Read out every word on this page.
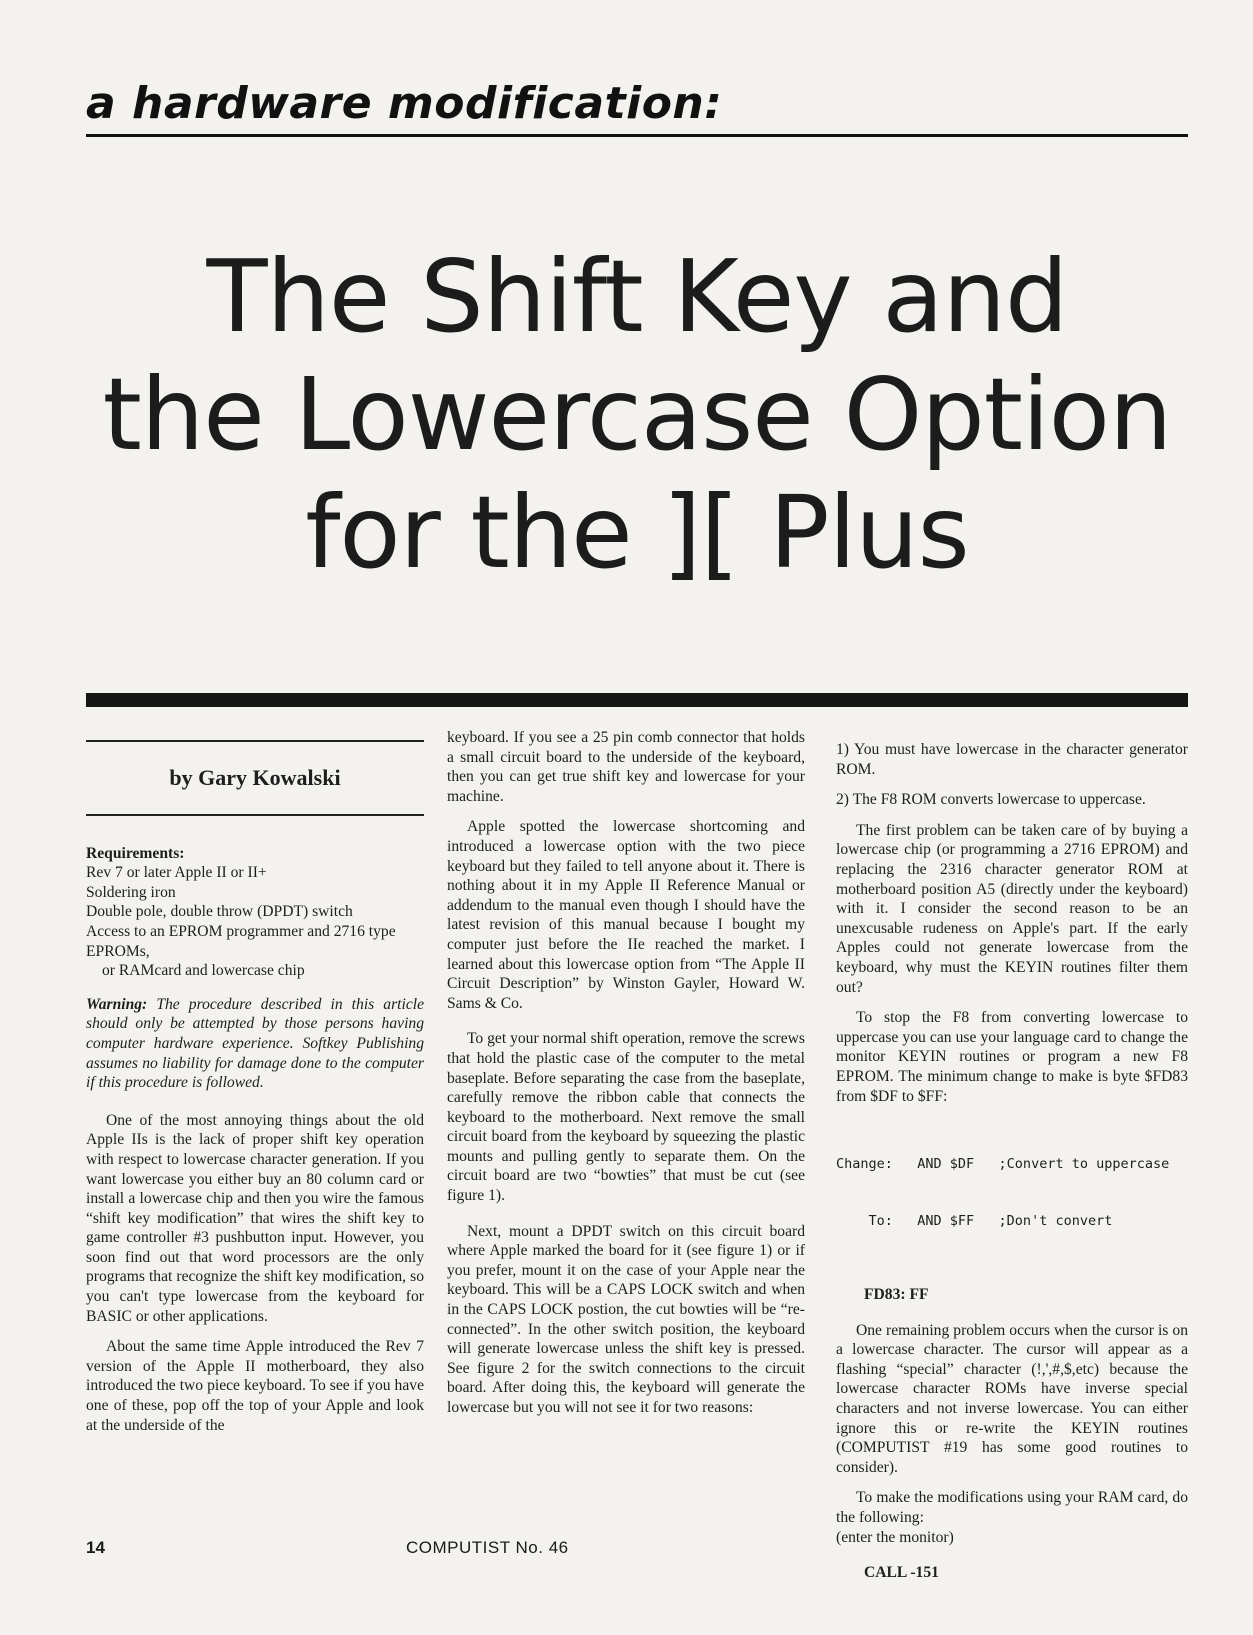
a hardware modification:
The Shift Key and
the Lowercase Option
for the ][ Plus
by Gary Kowalski
Requirements:
Rev 7 or later Apple II or II+
Soldering iron
Double pole, double throw (DPDT) switch
Access to an EPROM programmer and 2716 type EPROMs,
or RAMcard and lowercase chip

Warning: The procedure described in this article should only be attempted by those persons having computer hardware experience. Softkey Publishing assumes no liability for damage done to the computer if this procedure is followed.

One of the most annoying things about the old Apple IIs is the lack of proper shift key operation with respect to lowercase character generation. If you want lowercase you either buy an 80 column card or install a lowercase chip and then you wire the famous “shift key modification” that wires the shift key to game controller #3 pushbutton input. However, you soon find out that word processors are the only programs that recognize the shift key modification, so you can't type lowercase from the keyboard for BASIC or other applications.

About the same time Apple introduced the Rev 7 version of the Apple II motherboard, they also introduced the two piece keyboard. To see if you have one of these, pop off the top of your Apple and look at the underside of the

keyboard. If you see a 25 pin comb connector that holds a small circuit board to the underside of the keyboard, then you can get true shift key and lowercase for your machine.

Apple spotted the lowercase shortcoming and introduced a lowercase option with the two piece keyboard but they failed to tell anyone about it. There is nothing about it in my Apple II Reference Manual or addendum to the manual even though I should have the latest revision of this manual because I bought my computer just before the IIe reached the market. I learned about this lowercase option from “The Apple II Circuit Description” by Winston Gayler, Howard W. Sams & Co.

To get your normal shift operation, remove the screws that hold the plastic case of the computer to the metal baseplate. Before separating the case from the baseplate, carefully remove the ribbon cable that connects the keyboard to the motherboard. Next remove the small circuit board from the keyboard by squeezing the plastic mounts and pulling gently to separate them. On the circuit board are two “bowties” that must be cut (see figure 1).

Next, mount a DPDT switch on this circuit board where Apple marked the board for it (see figure 1) or if you prefer, mount it on the case of your Apple near the keyboard. This will be a CAPS LOCK switch and when in the CAPS LOCK postion, the cut bowties will be “re-connected”. In the other switch position, the keyboard will generate lowercase unless the shift key is pressed. See figure 2 for the switch connections to the circuit board. After doing this, the keyboard will generate the lowercase but you will not see it for two reasons:

1) You must have lowercase in the character generator ROM.

2) The F8 ROM converts lowercase to uppercase.

The first problem can be taken care of by buying a lowercase chip (or programming a 2716 EPROM) and replacing the 2316 character generator ROM at motherboard position A5 (directly under the keyboard) with it. I consider the second reason to be an unexcusable rudeness on Apple's part. If the early Apples could not generate lowercase from the keyboard, why must the KEYIN routines filter them out?

To stop the F8 from converting lowercase to uppercase you can use your language card to change the monitor KEYIN routines or program a new F8 EPROM. The minimum change to make is byte $FD83 from $DF to $FF:

Change:   AND $DF   ;Convert to uppercase

To:   AND $FF   ;Don't convert

FD83: FF

One remaining problem occurs when the cursor is on a lowercase character. The cursor will appear as a flashing “special” character (!,',#,$,etc) because the lowercase character ROMs have inverse special characters and not inverse lowercase. You can either ignore this or re-write the KEYIN routines (COMPUTIST #19 has some good routines to consider).

To make the modifications using your RAM card, do the following:

(enter the monitor)
CALL -151
14	COMPUTIST No. 46
